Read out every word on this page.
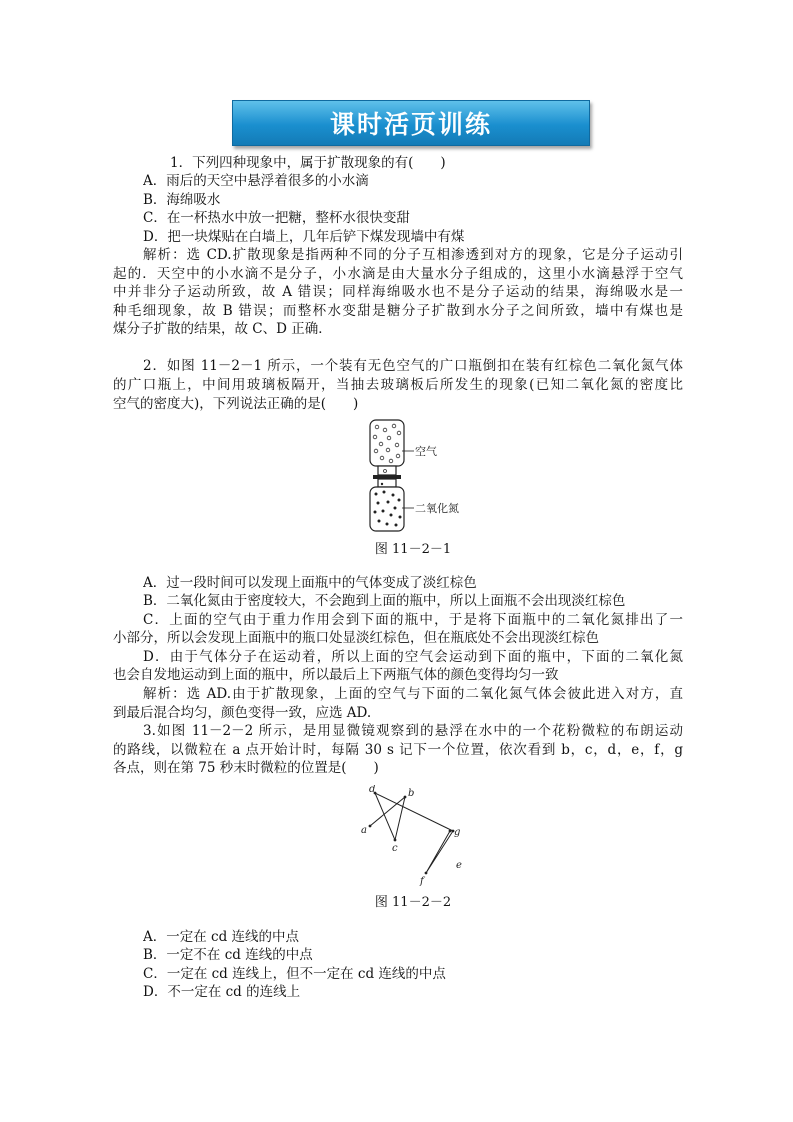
课时活页训练
1．下列四种现象中，属于扩散现象的有(　　)
A．雨后的天空中悬浮着很多的小水滴
B．海绵吸水
C．在一杯热水中放一把糖，整杯水很快变甜
D．把一块煤贴在白墙上，几年后铲下煤发现墙中有煤
解析：选 CD.扩散现象是指两种不同的分子互相渗透到对方的现象，它是分子运动引
起的．天空中的小水滴不是分子，小水滴是由大量水分子组成的，这里小水滴悬浮于空气
中并非分子运动所致，故 A 错误；同样海绵吸水也不是分子运动的结果，海绵吸水是一
种毛细现象，故 B 错误；而整杯水变甜是糖分子扩散到水分子之间所致，墙中有煤也是
煤分子扩散的结果，故 C、D 正确．
2．如图 11－2－1 所示，一个装有无色空气的广口瓶倒扣在装有红棕色二氧化氮气体
的广口瓶上，中间用玻璃板隔开，当抽去玻璃板后所发生的现象(已知二氧化氮的密度比
空气的密度大)，下列说法正确的是(　　)
空气
二氧化氮
图 11－2－1
A．过一段时间可以发现上面瓶中的气体变成了淡红棕色
B．二氧化氮由于密度较大，不会跑到上面的瓶中，所以上面瓶不会出现淡红棕色
C．上面的空气由于重力作用会到下面的瓶中，于是将下面瓶中的二氧化氮排出了一
小部分，所以会发现上面瓶中的瓶口处显淡红棕色，但在瓶底处不会出现淡红棕色
D．由于气体分子在运动着，所以上面的空气会运动到下面的瓶中，下面的二氧化氮
也会自发地运动到上面的瓶中，所以最后上下两瓶气体的颜色变得均匀一致
解析：选 AD.由于扩散现象，上面的空气与下面的二氧化氮气体会彼此进入对方，直
到最后混合均匀，颜色变得一致，应选 AD.
3.如图 11－2－2 所示，是用显微镜观察到的悬浮在水中的一个花粉微粒的布朗运动
的路线，以微粒在 a 点开始计时，每隔 30 s 记下一个位置，依次看到 b，c，d，e，f，g
各点，则在第 75 秒末时微粒的位置是(　　)
a
b
c
d
e
f
g
图 11－2－2
A．一定在 cd 连线的中点
B．一定不在 cd 连线的中点
C．一定在 cd 连线上，但不一定在 cd 连线的中点
D．不一定在 cd 的连线上
